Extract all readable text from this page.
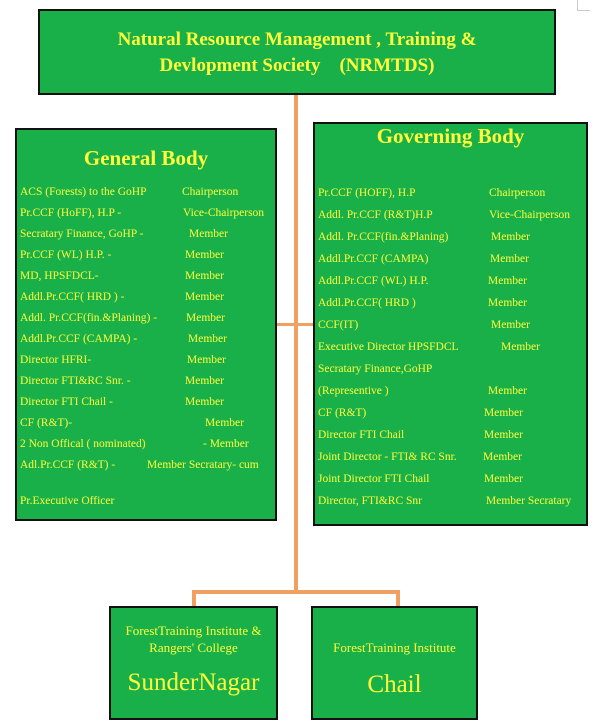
Natural Resource Management , Training &
Devlopment Society    (NRMTDS)
General Body
ACS (Forests) to the GoHP	Chairperson
Pr.CCF (HoFF), H.P -	Vice-Chairperson
Secratary Finance, GoHP -	Member
Pr.CCF (WL) H.P. -	Member
MD, HPSFDCL-	Member
Addl.Pr.CCF( HRD ) -	Member
Addl. Pr.CCF(fin.&Planing) -	Member
Addl.Pr.CCF (CAMPA) -	Member
Director HFRI-	Member
Director FTI&RC Snr. -	Member
Director FTI Chail -	Member
CF (R&T)-	Member
2 Non Offical ( nominated)	- Member
Adl.Pr.CCF (R&T) -	Member Secratary- cum
Pr.Executive Officer
Governing Body
Pr.CCF (HOFF), H.P	Chairperson
Addl. Pr.CCF (R&T)H.P	Vice-Chairperson
Addl. Pr.CCF(fin.&Planing)	Member
Addl.Pr.CCF (CAMPA)	Member
Addl.Pr.CCF (WL) H.P.	Member
Addl.Pr.CCF( HRD )	Member
CCF(IT)	Member
Executive Director HPSFDCL	Member
Secratary Finance,GoHP
(Representive )	Member
CF (R&T)	Member
Director FTI Chail	Member
Joint Director - FTI& RC Snr. Member
Joint Director FTI Chail	Member
Director, FTI&RC Snr	Member Secratary
ForestTraining Institute &
Rangers' College
SunderNagar
ForestTraining Institute
Chail
